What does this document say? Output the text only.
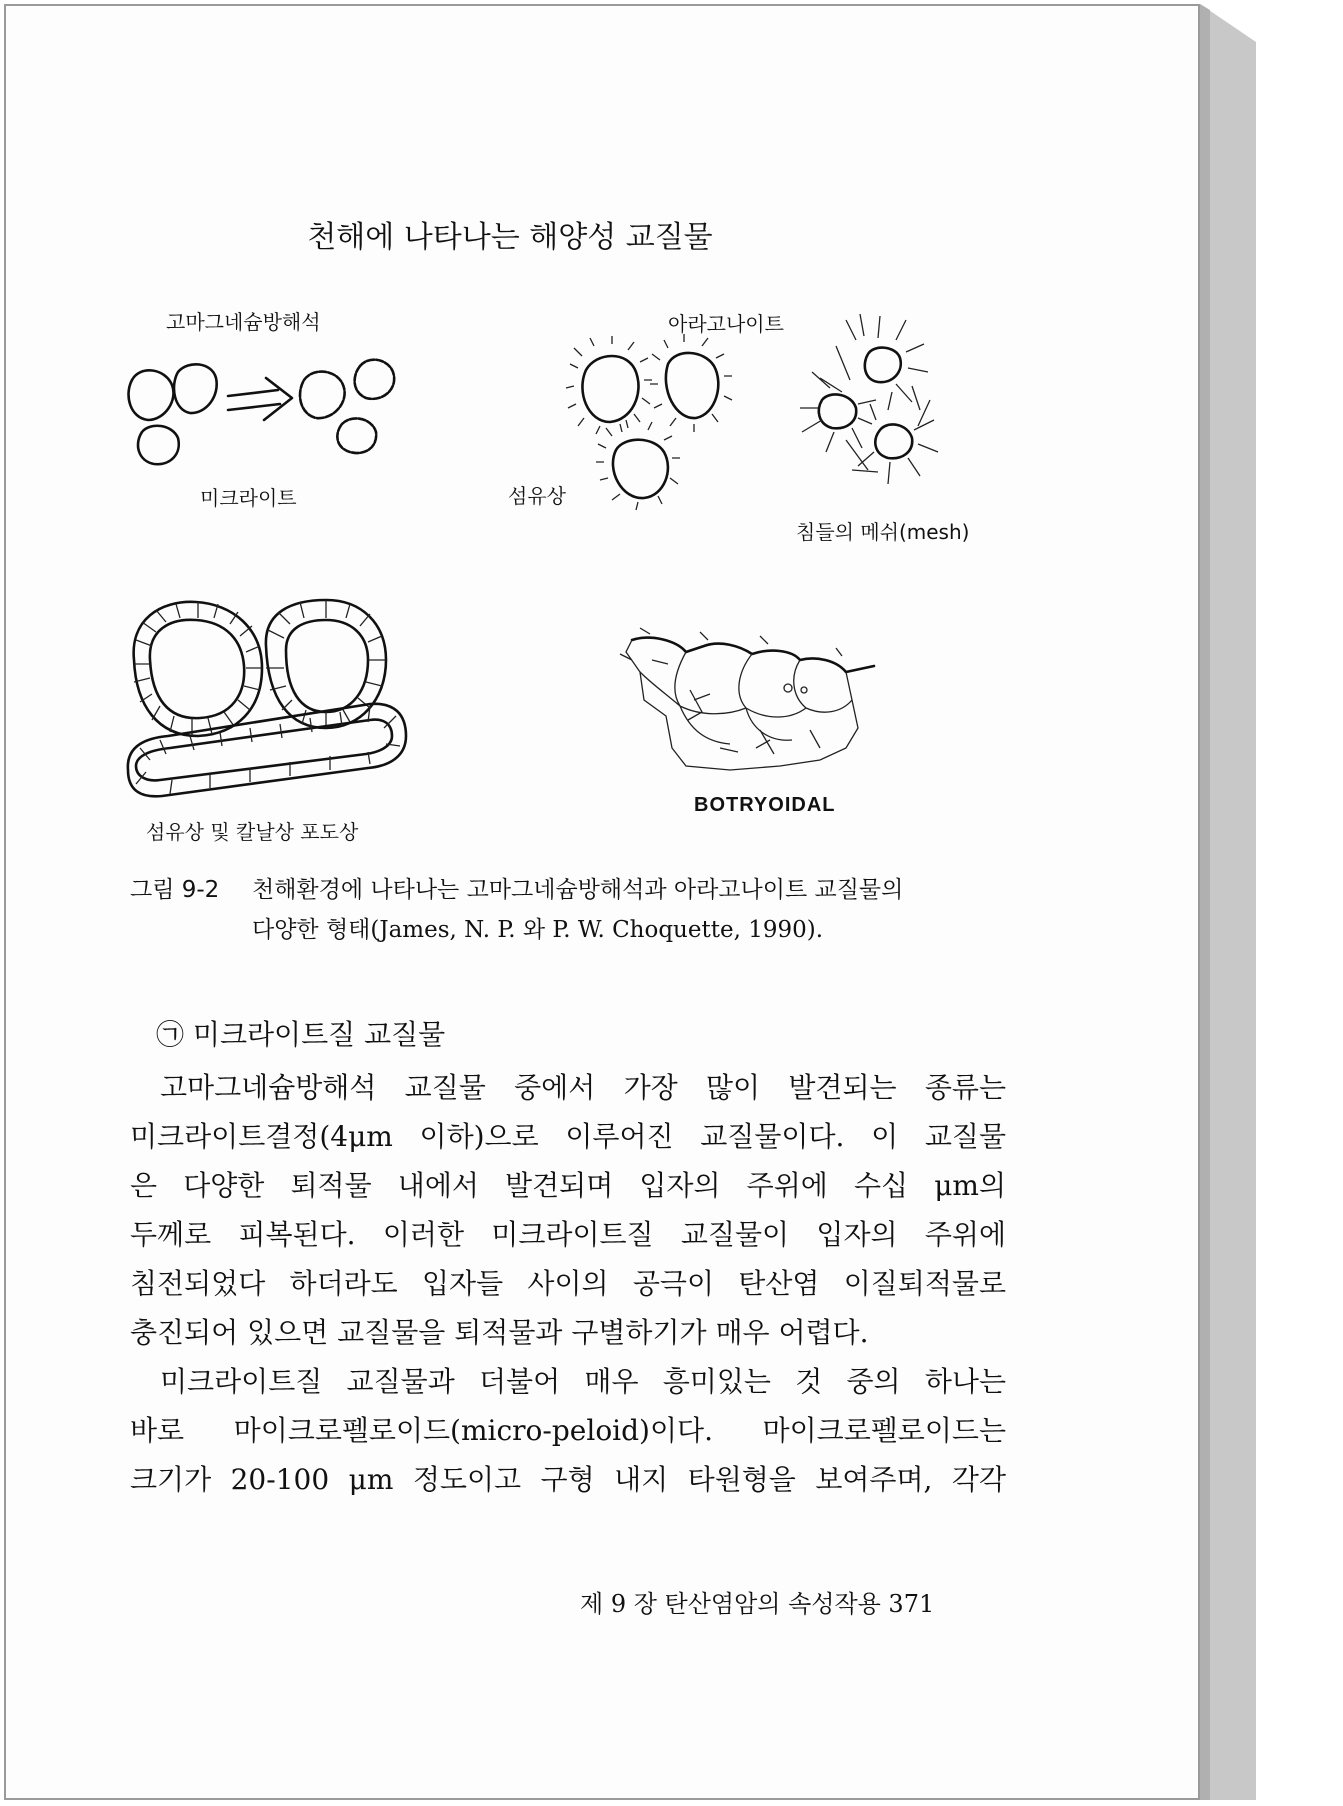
천해에 나타나는 해양성 교질물
고마그네슘방해석	아라고나이트
미크라이트	섬유상
침들의 메쉬(mesh)
섬유상 및 칼날상 포도상
BOTRYOIDAL
그림 9-2 천해환경에 나타나는 고마그네슘방해석과 아라고나이트 교질물의
다양한 형태(James, N. P. 와 P. W. Choquette, 1990).
㉠ 미크라이트질 교질물
고마그네슘방해석 교질물 중에서 가장 많이 발견되는 종류는
미크라이트결정(4μm 이하)으로 이루어진 교질물이다. 이 교질물
은 다양한 퇴적물 내에서 발견되며 입자의 주위에 수십 μm의
두께로 피복된다. 이러한 미크라이트질 교질물이 입자의 주위에
침전되었다 하더라도 입자들 사이의 공극이 탄산염 이질퇴적물로
충진되어 있으면 교질물을 퇴적물과 구별하기가 매우 어렵다.
미크라이트질 교질물과 더불어 매우 흥미있는 것 중의 하나는
바로 마이크로펠로이드(micro-peloid)이다. 마이크로펠로이드는
크기가 20-100 μm 정도이고 구형 내지 타원형을 보여주며, 각각
제 9 장 탄산염암의 속성작용 371
